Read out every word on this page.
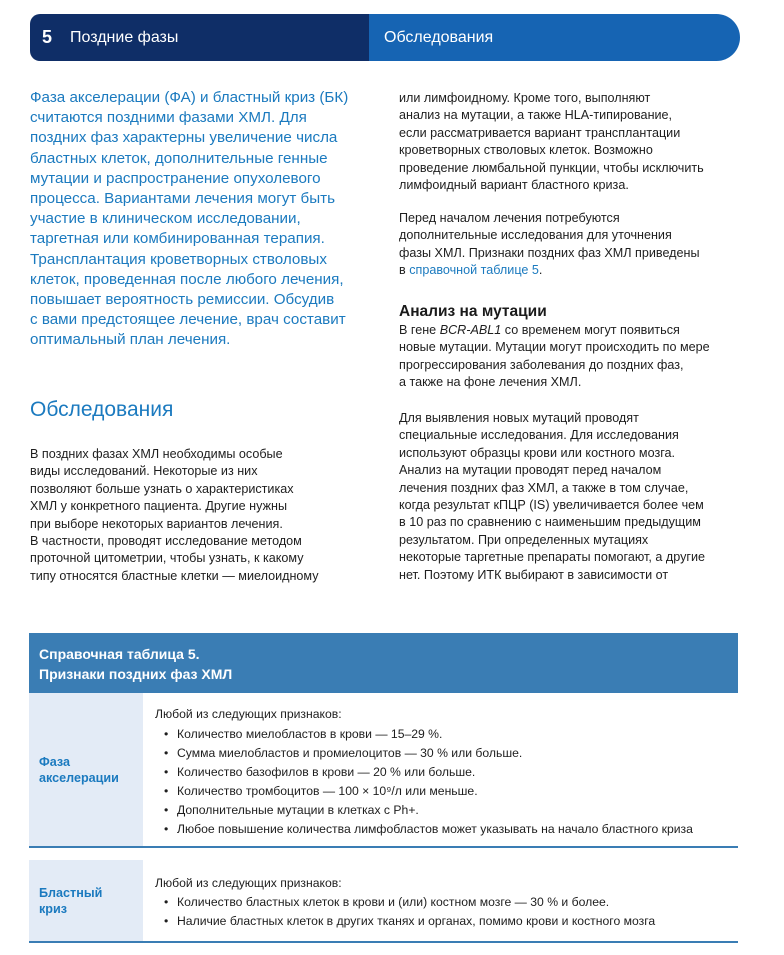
5	Поздние фазы	Обследования
Фаза акселерации (ФА) и бластный криз (БК)
считаются поздними фазами ХМЛ. Для
поздних фаз характерны увеличение числа
бластных клеток, дополнительные генные
мутации и распространение опухолевого
процесса. Вариантами лечения могут быть
участие в клиническом исследовании,
таргетная или комбинированная терапия.
Трансплантация кроветворных стволовых
клеток, проведенная после любого лечения,
повышает вероятность ремиссии. Обсудив
с вами предстоящее лечение, врач составит
оптимальный план лечения.
Обследования
В поздних фазах ХМЛ необходимы особые
виды исследований. Некоторые из них
позволяют больше узнать о характеристиках
ХМЛ у конкретного пациента. Другие нужны
при выборе некоторых вариантов лечения.
В частности, проводят исследование методом
проточной цитометрии, чтобы узнать, к какому
типу относятся бластные клетки — миелоидному
или лимфоидному. Кроме того, выполняют
анализ на мутации, а также HLA-типирование,
если рассматривается вариант трансплантации
кроветворных стволовых клеток. Возможно
проведение люмбальной пункции, чтобы исключить
лимфоидный вариант бластного криза.
Перед началом лечения потребуются
дополнительные исследования для уточнения
фазы ХМЛ. Признаки поздних фаз ХМЛ приведены
в справочной таблице 5.
Анализ на мутации
В гене BCR-ABL1 со временем могут появиться
новые мутации. Мутации могут происходить по мере
прогрессирования заболевания до поздних фаз,
а также на фоне лечения ХМЛ.
Для выявления новых мутаций проводят
специальные исследования. Для исследования
используют образцы крови или костного мозга.
Анализ на мутации проводят перед началом
лечения поздних фаз ХМЛ, а также в том случае,
когда результат кПЦР (IS) увеличивается более чем
в 10 раз по сравнению с наименьшим предыдущим
результатом. При определенных мутациях
некоторые таргетные препараты помогают, а другие
нет. Поэтому ИТК выбирают в зависимости от
Справочная таблица 5.
Признаки поздних фаз ХМЛ
Фаза
акселерации
Любой из следующих признаков:
• Количество миелобластов в крови — 15–29 %.
• Сумма миелобластов и промиелоцитов — 30 % или больше.
• Количество базофилов в крови — 20 % или больше.
• Количество тромбоцитов — 100 × 10⁹/л или меньше.
• Дополнительные мутации в клетках с Ph+.
• Любое повышение количества лимфобластов может указывать на начало бластного криза
Бластный
криз
Любой из следующих признаков:
• Количество бластных клеток в крови и (или) костном мозге — 30 % и более.
• Наличие бластных клеток в других тканях и органах, помимо крови и костного мозга
